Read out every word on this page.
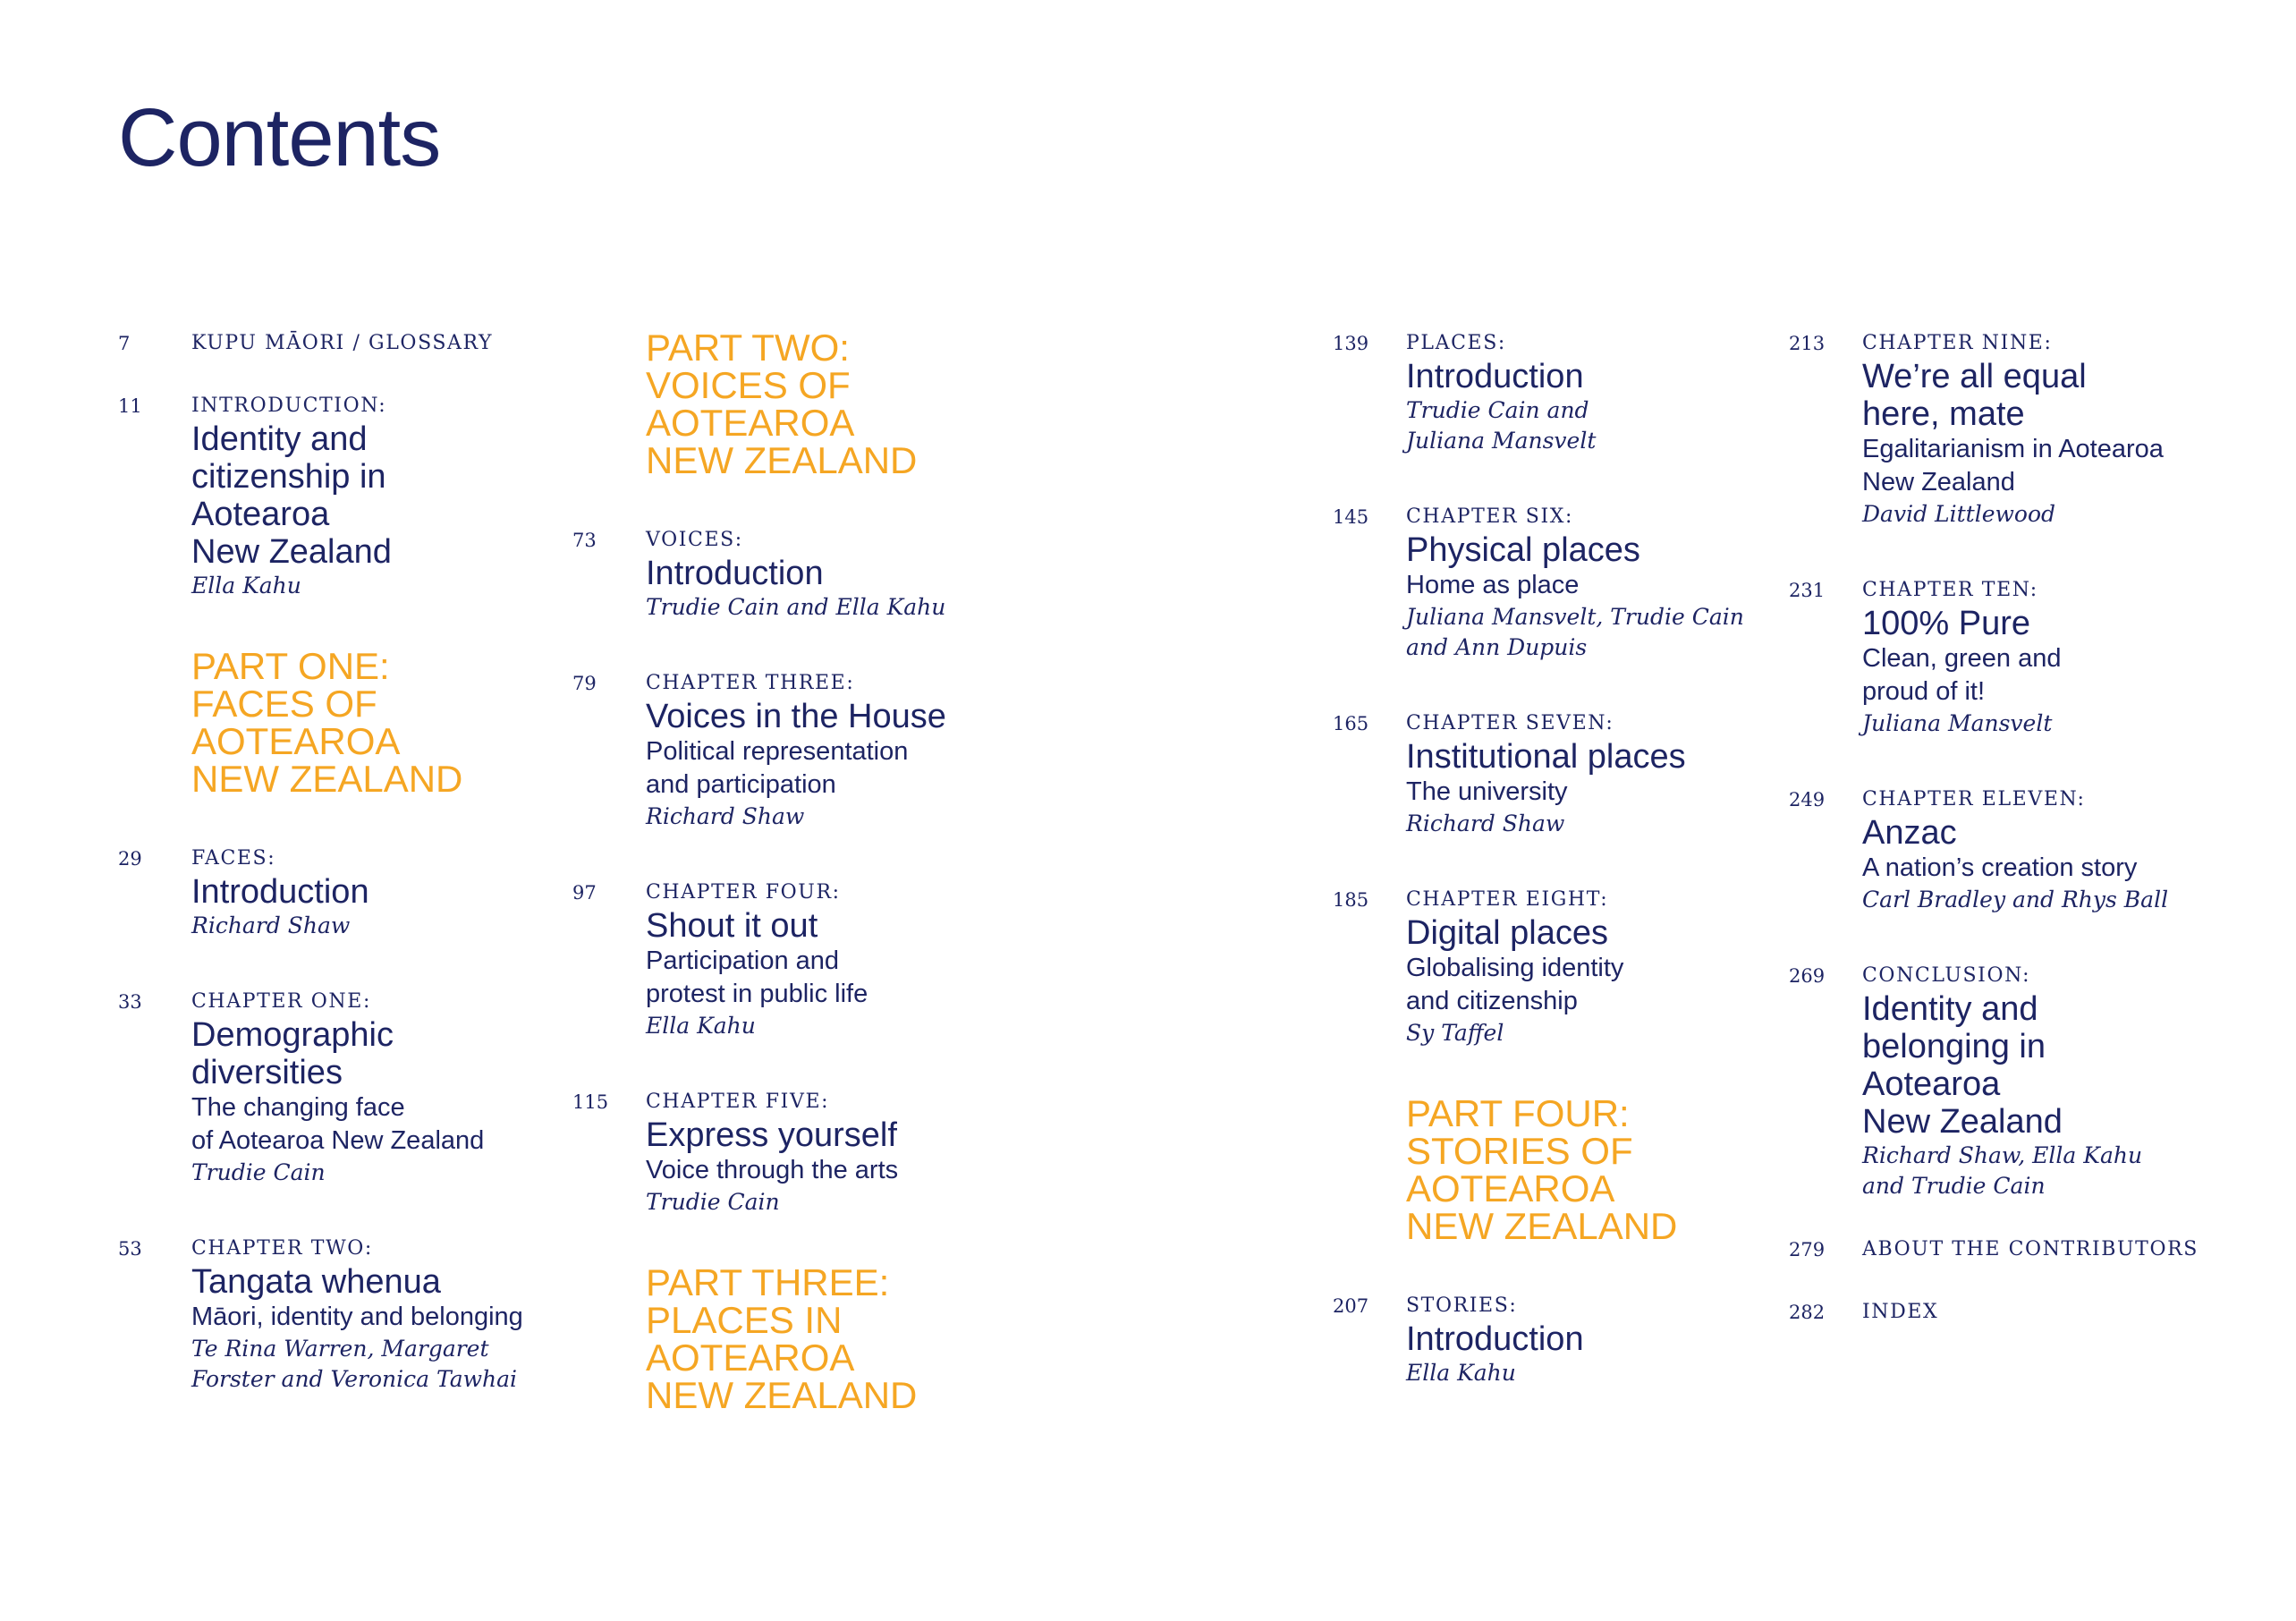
Contents
7	KUPU MĀORI / GLOSSARY
11	INTRODUCTION:
Identity and
citizenship in
Aotearoa
New Zealand
Ella Kahu
PART ONE:
FACES OF
AOTEAROA
NEW ZEALAND
29	FACES:
Introduction
Richard Shaw
33	CHAPTER ONE:
Demographic
diversities
The changing face
of Aotearoa New Zealand
Trudie Cain
53	CHAPTER TWO:
Tangata whenua
Māori, identity and belonging
Te Rina Warren, Margaret
Forster and Veronica Tawhai
PART TWO:
VOICES OF
AOTEAROA
NEW ZEALAND
73	VOICES:
Introduction
Trudie Cain and Ella Kahu
79	CHAPTER THREE:
Voices in the House
Political representation
and participation
Richard Shaw
97	CHAPTER FOUR:
Shout it out
Participation and
protest in public life
Ella Kahu
115	CHAPTER FIVE:
Express yourself
Voice through the arts
Trudie Cain
PART THREE:
PLACES IN
AOTEAROA
NEW ZEALAND
139	PLACES:
Introduction
Trudie Cain and
Juliana Mansvelt
145	CHAPTER SIX:
Physical places
Home as place
Juliana Mansvelt, Trudie Cain
and Ann Dupuis
165	CHAPTER SEVEN:
Institutional places
The university
Richard Shaw
185	CHAPTER EIGHT:
Digital places
Globalising identity
and citizenship
Sy Taffel
PART FOUR:
STORIES OF
AOTEAROA
NEW ZEALAND
207	STORIES:
Introduction
Ella Kahu
213	CHAPTER NINE:
We’re all equal
here, mate
Egalitarianism in Aotearoa
New Zealand
David Littlewood
231	CHAPTER TEN:
100% Pure
Clean, green and
proud of it!
Juliana Mansvelt
249	CHAPTER ELEVEN:
Anzac
A nation’s creation story
Carl Bradley and Rhys Ball
269	CONCLUSION:
Identity and
belonging in
Aotearoa
New Zealand
Richard Shaw, Ella Kahu
and Trudie Cain
279	ABOUT THE CONTRIBUTORS
282	INDEX
